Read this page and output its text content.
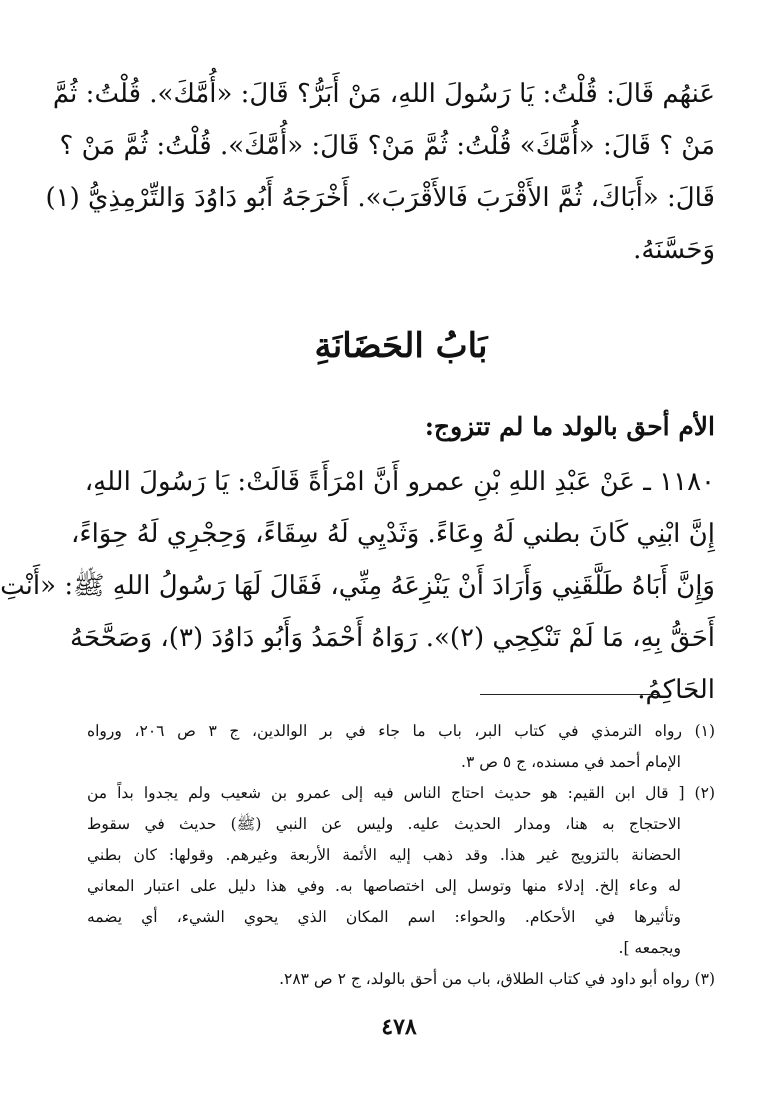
عَنهُم قَالَ: قُلْتُ: يَا رَسُولَ اللهِ، مَنْ أَبَرُّ؟ قَالَ: «أُمَّكَ». قُلْتُ: ثُمَّ
مَنْ ؟ قَالَ: «أُمَّكَ» قُلْتُ: ثُمَّ مَنْ؟ قَالَ: «أُمَّكَ». قُلْتُ: ثُمَّ مَنْ ؟
قَالَ: «أَبَاكَ، ثُمَّ الأَقْرَبَ فَالأَقْرَبَ». أَخْرَجَهُ أَبُو دَاوُدَ وَالتِّرْمِذِيُّ (١)
وَحَسَّنَهُ.
بَابُ الحَضَانَةِ
الأم أحق بالولد ما لم تتزوج:
١١٨٠ ـ عَنْ عَبْدِ اللهِ بْنِ عمرو أَنَّ امْرَأَةً قَالَتْ: يَا رَسُولَ اللهِ،
إِنَّ ابْنِي كَانَ بطني لَهُ وِعَاءً. وَثَدْيِي لَهُ سِقَاءً، وَحِجْرِي لَهُ حِوَاءً،
وَإِنَّ أَبَاهُ طَلَّقَنِي وَأَرَادَ أَنْ يَنْزِعَهُ مِنِّي، فَقَالَ لَهَا رَسُولُ اللهِ ﷺ: «أَنْتِ
أَحَقُّ بِهِ، مَا لَمْ تَنْكِحِي (٢)». رَوَاهُ أَحْمَدُ وَأَبُو دَاوُدَ (٣)، وَصَحَّحَهُ
الحَاكِمُ.
(١) رواه الترمذي في كتاب البر، باب ما جاء في بر الوالدين، ج ٣ ص ٢٠٦، ورواه
الإمام أحمد في مسنده، ج ٥ ص ٣.
(٢) [ قال ابن القيم: هو حديث احتاج الناس فيه إلى عمرو بن شعيب ولم يجدوا بداً من
الاحتجاج به هنا، ومدار الحديث عليه. وليس عن النبي (ﷺ) حديث في سقوط
الحضانة بالتزويج غير هذا. وقد ذهب إليه الأئمة الأربعة وغيرهم. وقولها: كان بطني
له وعاء إلخ. إدلاء منها وتوسل إلى اختصاصها به. وفي هذا دليل على اعتبار المعاني
وتأثيرها في الأحكام. والحواء: اسم المكان الذي يحوي الشيء، أي يضمه
ويجمعه ].
(٣) رواه أبو داود في كتاب الطلاق، باب من أحق بالولد، ج ٢ ص ٢٨٣.
٤٧٨
